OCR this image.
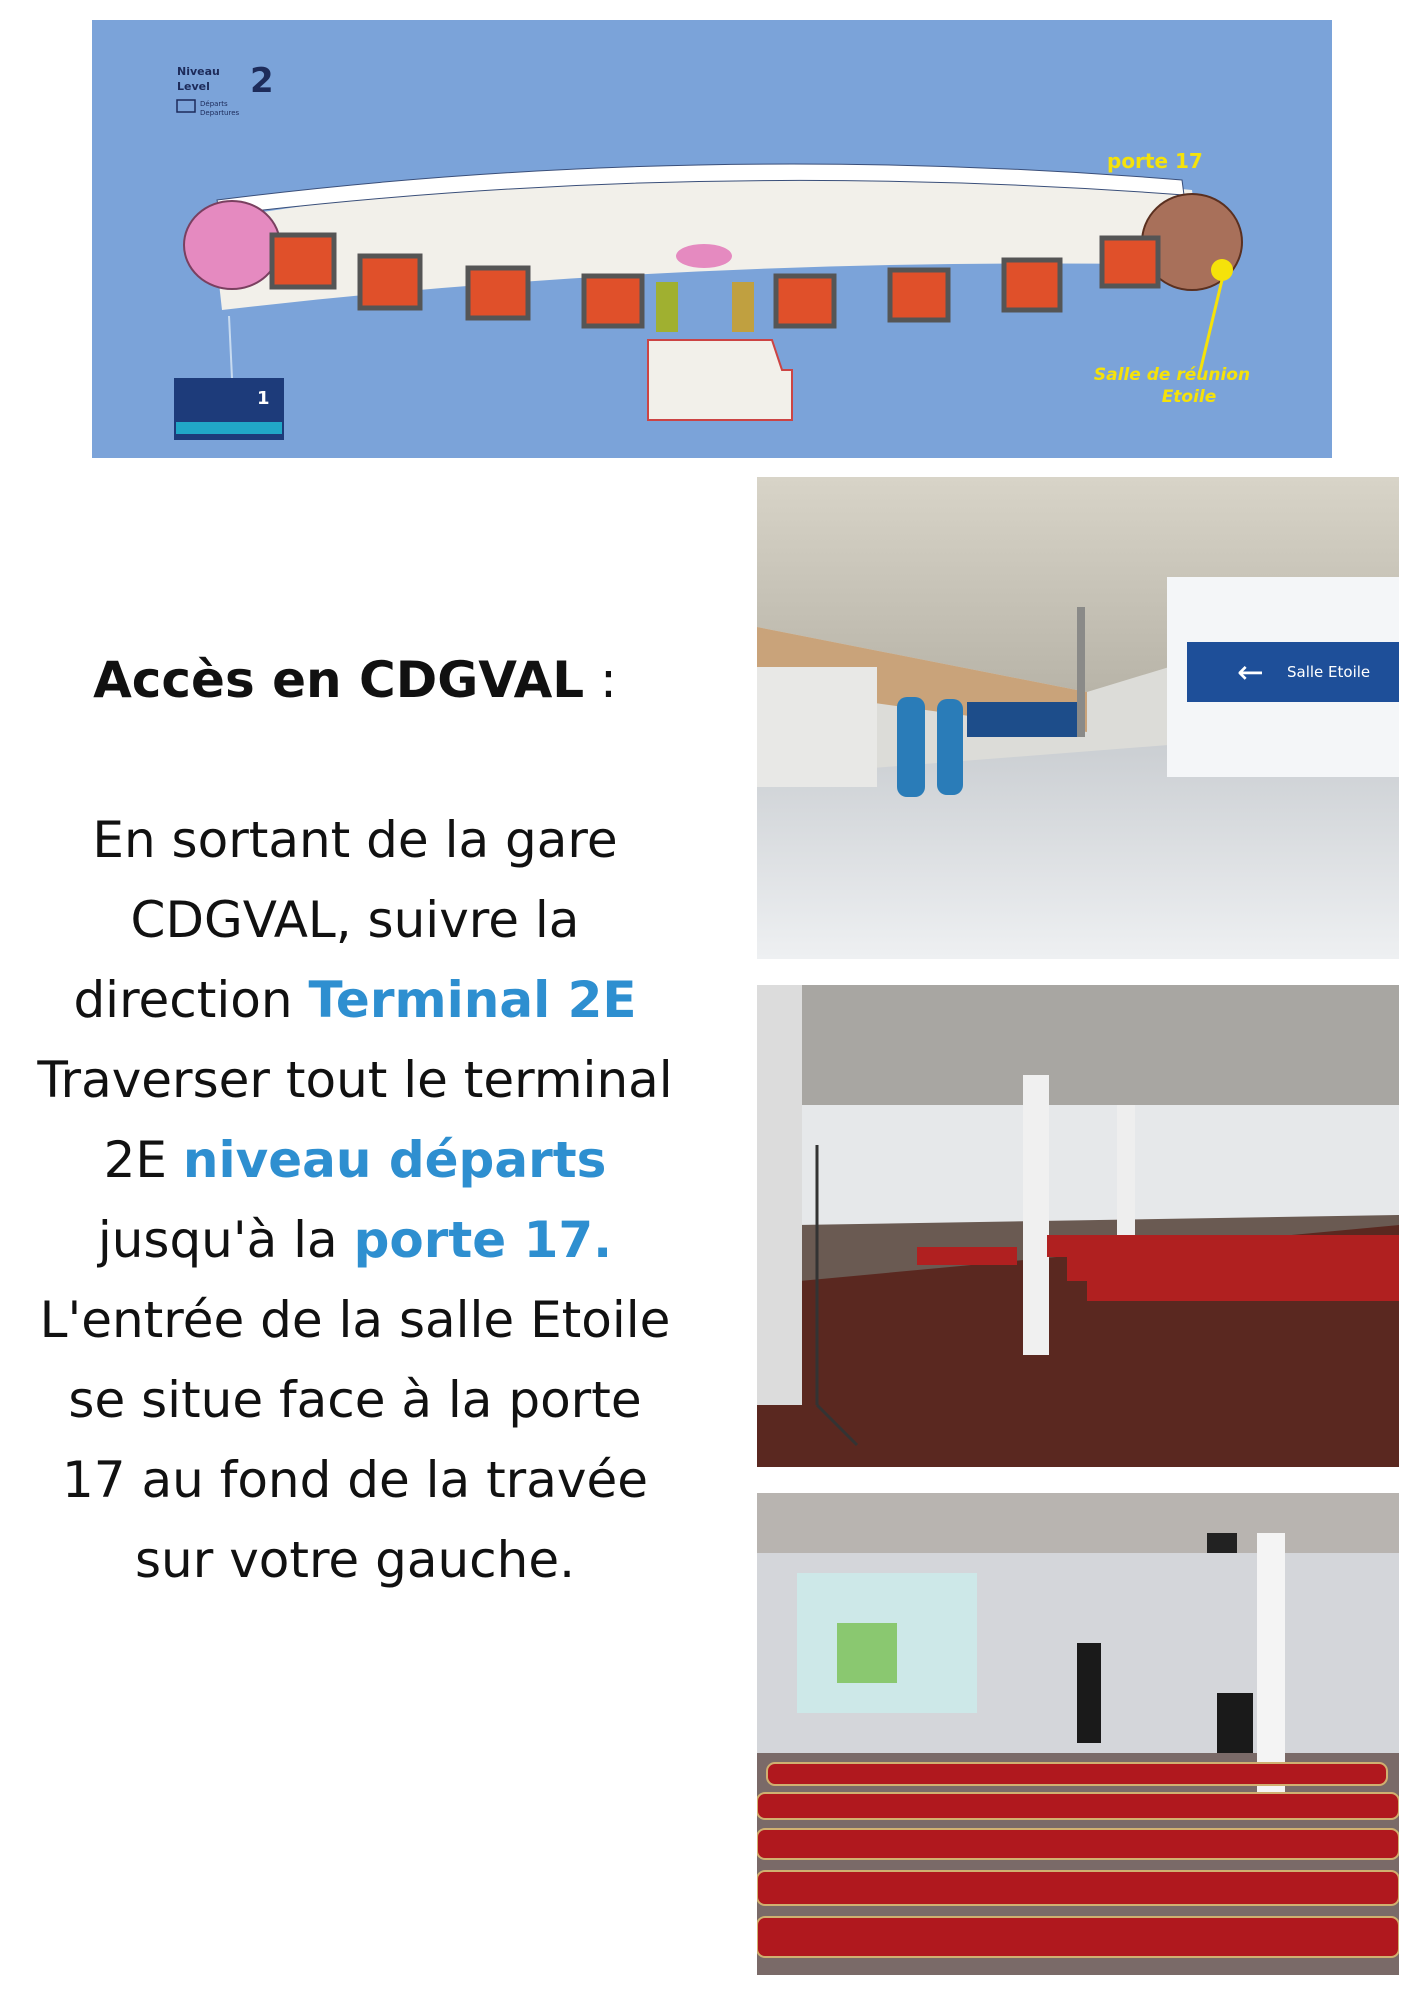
Niveau
Level 2
Départs
Departures
1
porte 17
Salle de réunion
Etoile

Accès en CDGVAL :

En sortant de la gare CDGVAL, suivre la direction Terminal 2E

Traverser tout le terminal 2E niveau départs jusqu'à la porte 17.

L'entrée de la salle Etoile se situe face à la porte 17 au fond de la travée sur votre gauche.

← Salle Etoile
